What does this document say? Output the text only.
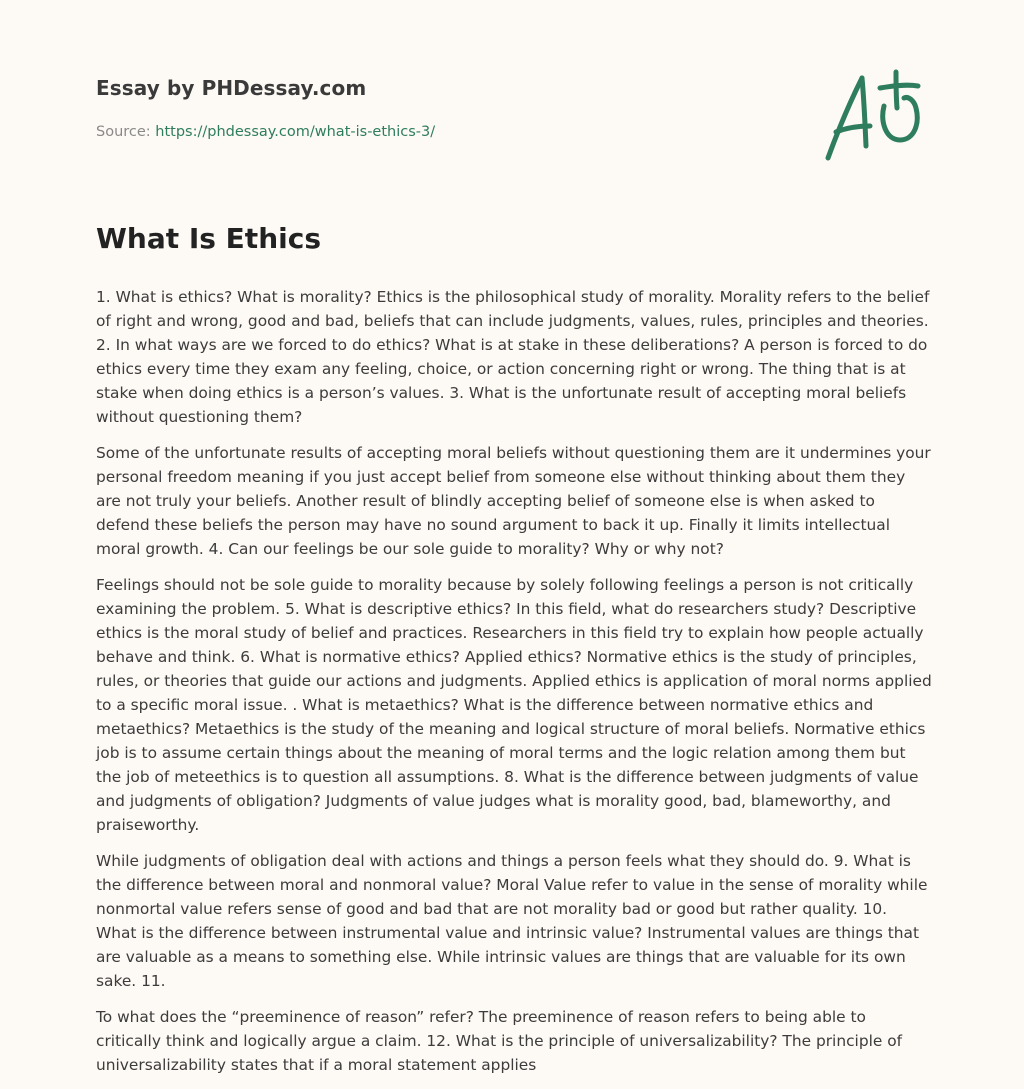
Essay by PHDessay.com
Source: https://phdessay.com/what-is-ethics-3/
What Is Ethics

1. What is ethics? What is morality? Ethics is the philosophical study of morality. Morality refers to the belief of right and wrong, good and bad, beliefs that can include judgments, values, rules, principles and theories. 2. In what ways are we forced to do ethics? What is at stake in these deliberations? A person is forced to do ethics every time they exam any feeling, choice, or action concerning right or wrong. The thing that is at stake when doing ethics is a person’s values. 3. What is the unfortunate result of accepting moral beliefs without questioning them?

Some of the unfortunate results of accepting moral beliefs without questioning them are it undermines your personal freedom meaning if you just accept belief from someone else without thinking about them they are not truly your beliefs. Another result of blindly accepting belief of someone else is when asked to defend these beliefs the person may have no sound argument to back it up. Finally it limits intellectual moral growth. 4. Can our feelings be our sole guide to morality? Why or why not?

Feelings should not be sole guide to morality because by solely following feelings a person is not critically examining the problem. 5. What is descriptive ethics? In this field, what do researchers study? Descriptive ethics is the moral study of belief and practices. Researchers in this field try to explain how people actually behave and think. 6. What is normative ethics? Applied ethics? Normative ethics is the study of principles, rules, or theories that guide our actions and judgments. Applied ethics is application of moral norms applied to a specific moral issue. . What is metaethics? What is the difference between normative ethics and metaethics? Metaethics is the study of the meaning and logical structure of moral beliefs. Normative ethics job is to assume certain things about the meaning of moral terms and the logic relation among them but the job of meteethics is to question all assumptions. 8. What is the difference between judgments of value and judgments of obligation? Judgments of value judges what is morality good, bad, blameworthy, and praiseworthy.

While judgments of obligation deal with actions and things a person feels what they should do. 9. What is the difference between moral and nonmoral value? Moral Value refer to value in the sense of morality while nonmortal value refers sense of good and bad that are not morality bad or good but rather quality. 10. What is the difference between instrumental value and intrinsic value? Instrumental values are things that are valuable as a means to something else. While intrinsic values are things that are valuable for its own sake. 11.

To what does the “preeminence of reason” refer? The preeminence of reason refers to being able to critically think and logically argue a claim. 12. What is the principle of universalizability? The principle of universalizability states that if a moral statement applies
